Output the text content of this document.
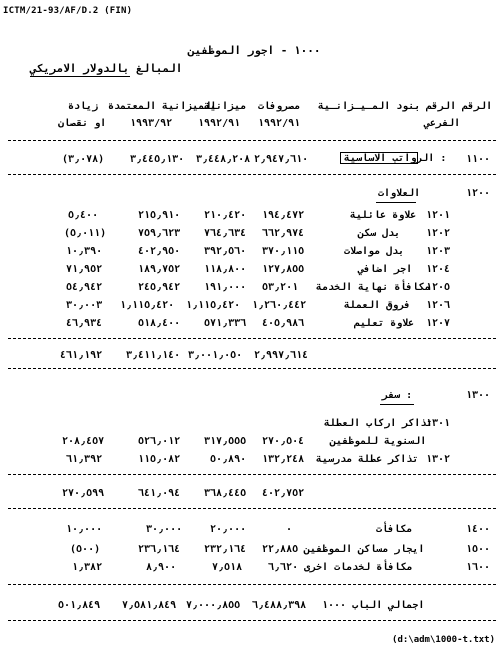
ICTM/21-93/AF/D.2 (FIN)
١٠٠٠ - اجور الموظفين
المبالغ بالدولار الامريكي
الرقم
الرقم
الفرعي
بنود المـيـزانـية
مصروفات
١٩٩٢/٩١
ميزانية
١٩٩٢/٩١
الميزانية المعتمدة
١٩٩٣/٩٢
زيادة
او نقصان
١١٠٠
الرواتب الاساسية :
٢٫٩٤٧٫٦١٠
٣٫٤٤٨٫٢٠٨
٣٫٤٤٥٫١٣٠
(٣٫٠٧٨)
١٢٠٠
العلاوات
١٢٠١
علاوة عائلية
١٩٤٫٤٧٢
٢١٠٫٤٢٠
٢١٥٫٩١٠
٥٫٤٠٠
١٢٠٢
بدل سكن
٦٦٢٫٩٧٤
٧٦٤٫٦٣٤
٧٥٩٫٦٢٣
(٥٫٠١١)
١٢٠٣
بدل مواصلات
٣٧٠٫١١٥
٣٩٢٫٥٦٠
٤٠٢٫٩٥٠
١٠٫٣٩٠
١٢٠٤
اجر اضافي
١٢٧٫٨٥٥
١١٨٫٨٠٠
١٨٩٫٧٥٢
٧١٫٩٥٢
١٢٠٥
مكافأة نهاية الخدمة
٥٣٫٢٠١
١٩١٫٠٠٠
٢٤٥٫٩٤٢
٥٤٫٩٤٢
١٢٠٦
فروق العملة
١٫٢٦٠٫٤٤٢
١٫١١٥٫٤٢٠
١٫١١٥٫٤٢٠
٣٠٫٠٠٣
١٢٠٧
علاوة تعليم
٤٠٥٫٩٨٦
٥٧١٫٣٣٦
٥١٨٫٤٠٠
٤٦٫٩٣٤
٢٫٩٩٧٫٦١٤
٣٫٠٠١٫٠٥٠
٣٫٤١١٫١٤٠
٤٦١٫١٩٢
١٣٠٠
سفر :
١٣٠١
تذاكر اركاب العطلة
السنوية للموظفين
٢٧٠٫٥٠٤
٣١٧٫٥٥٥
٥٢٦٫٠١٢
٢٠٨٫٤٥٧
١٣٠٢
تذاكر عطلة مدرسية
١٣٢٫٢٤٨
٥٠٫٨٩٠
١١٥٫٠٨٢
٦١٫٣٩٢
٤٠٢٫٧٥٢
٣٦٨٫٤٤٥
٦٤١٫٠٩٤
٢٧٠٫٥٩٩
١٤٠٠
مكافأت
٠
٢٠٫٠٠٠
٣٠٫٠٠٠
١٠٫٠٠٠
١٥٠٠
ايجار مساكن الموظفين
٢٢٫٨٨٥
٢٣٢٫١٦٤
٢٣٦٫١٦٤
(٥٠٠)
١٦٠٠
مكافأة لخدمات اخرى
٦٫٦٢٠
٧٫٥١٨
٨٫٩٠٠
١٫٣٨٢
اجمالي الباب ١٠٠٠
٦٫٤٨٨٫٣٩٨
٧٫٠٠٠٫٨٥٥
٧٫٥٨١٫٨٤٩
٥٠١٫٨٤٩
(d:\adm\1000-t.txt)
